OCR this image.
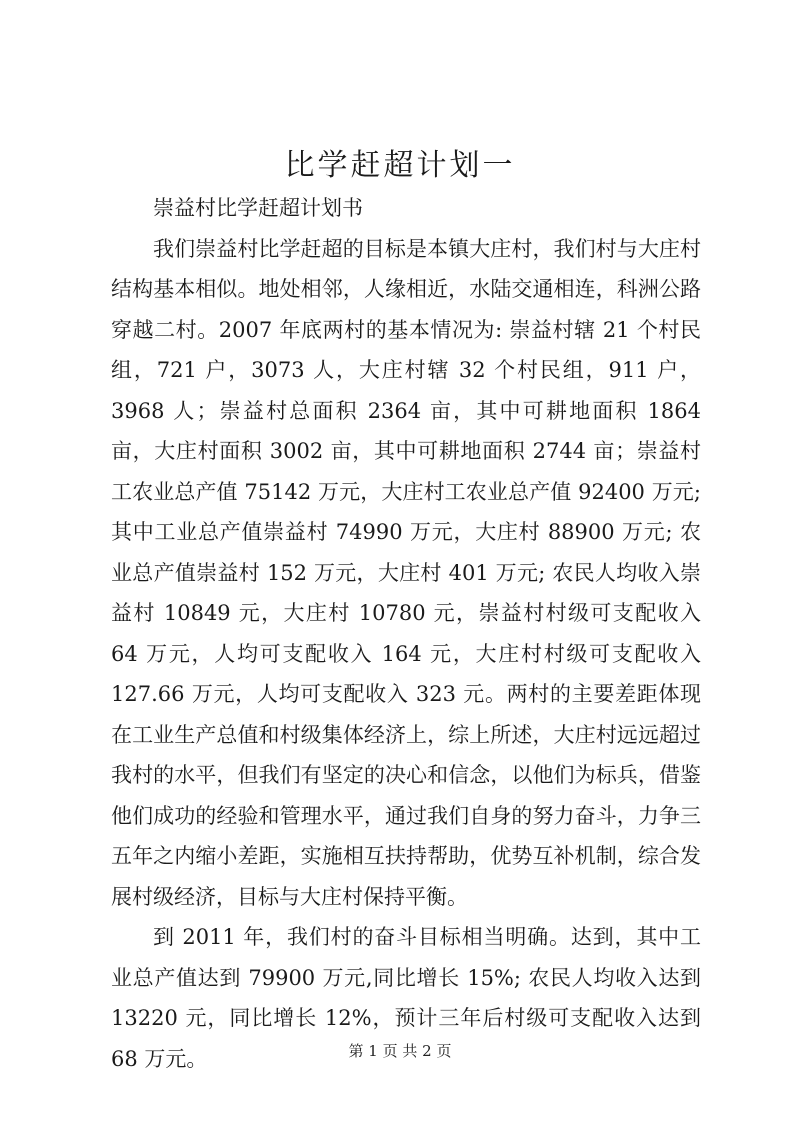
比学赶超计划一

崇益村比学赶超计划书

我们崇益村比学赶超的目标是本镇大庄村，我们村与大庄村结构基本相似。地处相邻，人缘相近，水陆交通相连，科洲公路穿越二村。2007 年底两村的基本情况为: 崇益村辖 21 个村民组，721 户，3073 人，大庄村辖 32 个村民组，911 户，3968 人；崇益村总面积 2364 亩，其中可耕地面积 1864 亩，大庄村面积 3002 亩，其中可耕地面积 2744 亩；崇益村工农业总产值 75142 万元，大庄村工农业总产值 92400 万元; 其中工业总产值崇益村 74990 万元，大庄村 88900 万元; 农业总产值崇益村 152 万元，大庄村 401 万元; 农民人均收入崇益村 10849 元，大庄村 10780 元，崇益村村级可支配收入 64 万元，人均可支配收入 164 元，大庄村村级可支配收入 127.66 万元，人均可支配收入 323 元。两村的主要差距体现在工业生产总值和村级集体经济上，综上所述，大庄村远远超过我村的水平，但我们有坚定的决心和信念，以他们为标兵，借鉴他们成功的经验和管理水平，通过我们自身的努力奋斗，力争三五年之内缩小差距，实施相互扶持帮助，优势互补机制，综合发展村级经济，目标与大庄村保持平衡。

到 2011 年，我们村的奋斗目标相当明确。达到，其中工业总产值达到 79900 万元,同比增长 15%; 农民人均收入达到 13220 元，同比增长 12%，预计三年后村级可支配收入达到 68 万元。	第 1 页 共 2 页
